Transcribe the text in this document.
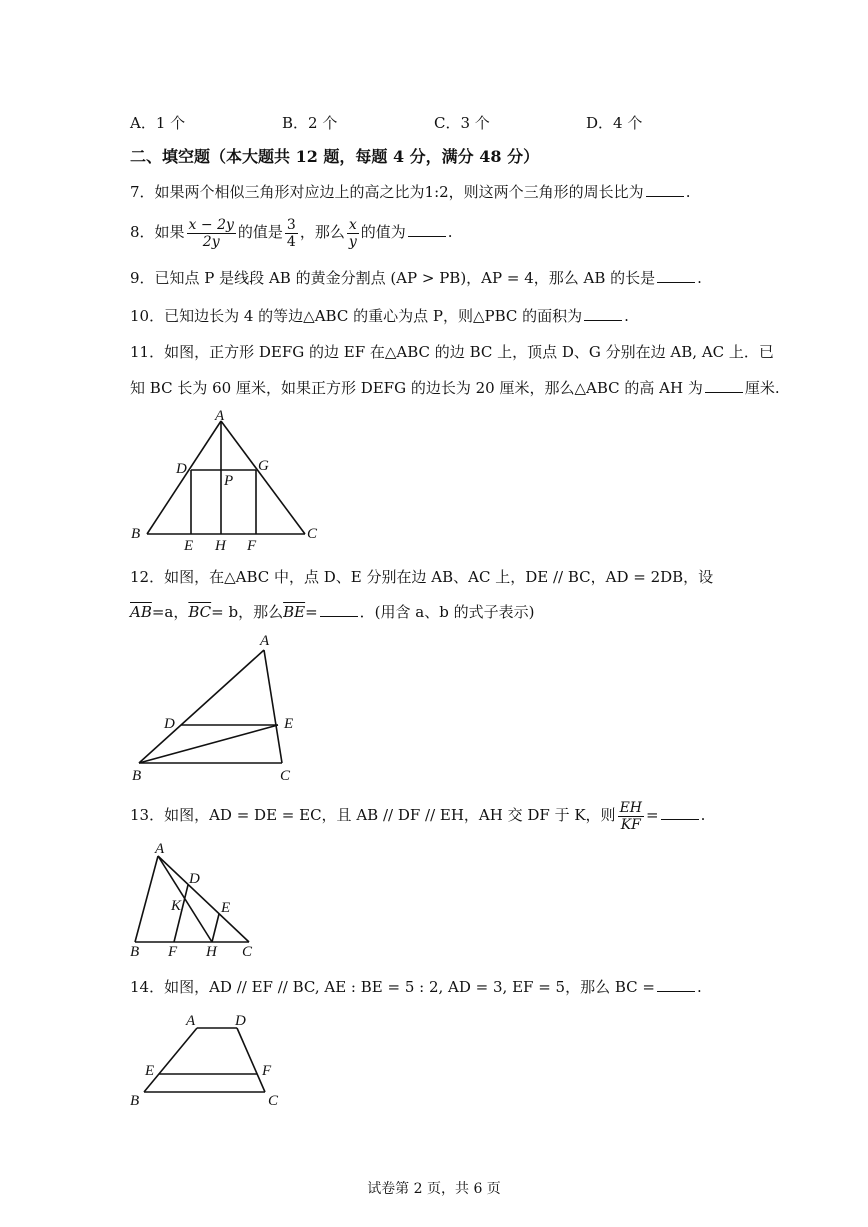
A．1 个	B．2 个	C．3 个	D．4 个
二、填空题（本大题共 12 题，每题 4 分，满分 48 分）
7．如果两个相似三角形对应边上的高之比为1:2，则这两个三角形的周长比为	.
8．如果 $\frac{x - 2y}{2y}$ 的值是 $\frac{3}{4}$ ，那么 $\frac{x}{y}$ 的值为	.
9．已知点 P 是线段 AB 的黄金分割点 (AP > PB)，AP = 4，那么 AB 的长是	.
10．已知边长为 4 的等边△ABC 的重心为点 P，则△PBC 的面积为	.
11．如图，正方形 DEFG 的边 EF 在△ABC 的边 BC 上，顶点 D、G 分别在边 AB, AC 上．已
知 BC 长为 60 厘米，如果正方形 DEFG 的边长为 20 厘米，那么△ABC 的高 AH 为	厘米.
A
B	C
D	G
P
E H F
12．如图，在△ABC 中，点 D、E 分别在边 AB、AC 上，DE // BC，AD = 2DB，设
$\overline{AB}=a$，$\overline{BC}= b$，那么$\overline{BE}=$	．(用含 a、b 的式子表示)
A
D	E
B	C
13．如图，AD = DE = EC，且 AB // DF // EH，AH 交 DF 于 K，则 $\frac{EH}{KF}$ =	.
A
D
K	E
B F H C
14．如图，AD // EF // BC, AE : BE = 5 : 2, AD = 3, EF = 5，那么 BC =	.
A	D
E	F
B	C
试卷第 2 页，共 6 页
